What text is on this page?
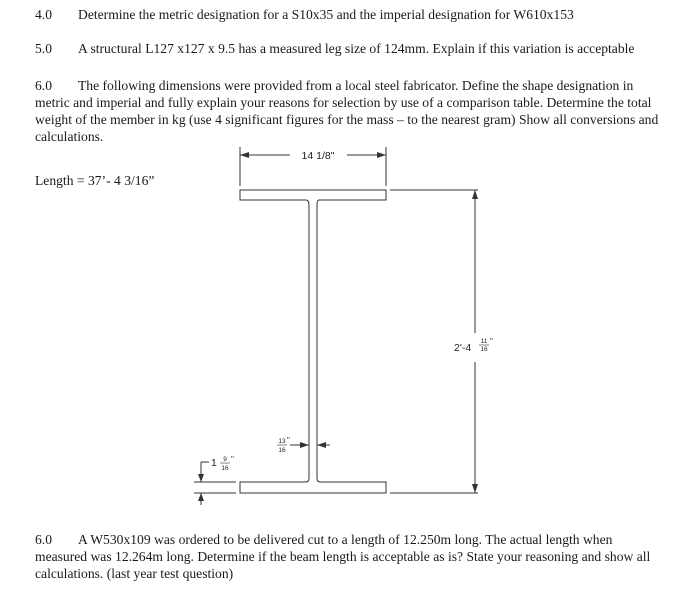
4.0 Determine the metric designation for a S10x35 and the imperial designation for W610x153
5.0 A structural L127 x127 x 9.5 has a measured leg size of 124mm. Explain if this variation is acceptable
6.0 The following dimensions were provided from a local steel fabricator. Define the shape designation in metric and imperial and fully explain your reasons for selection by use of a comparison table. Determine the total weight of the member in kg (use 4 significant figures for the mass – to the nearest gram) Show all conversions and calculations.
Length = 37’- 4 3/16”
14 1/8"
2'-4
11
16
"
13
16
"
1 9
16
"
6.0 A W530x109 was ordered to be delivered cut to a length of 12.250m long. The actual length when measured was 12.264m long. Determine if the beam length is acceptable as is? State your reasoning and show all calculations. (last year test question)
